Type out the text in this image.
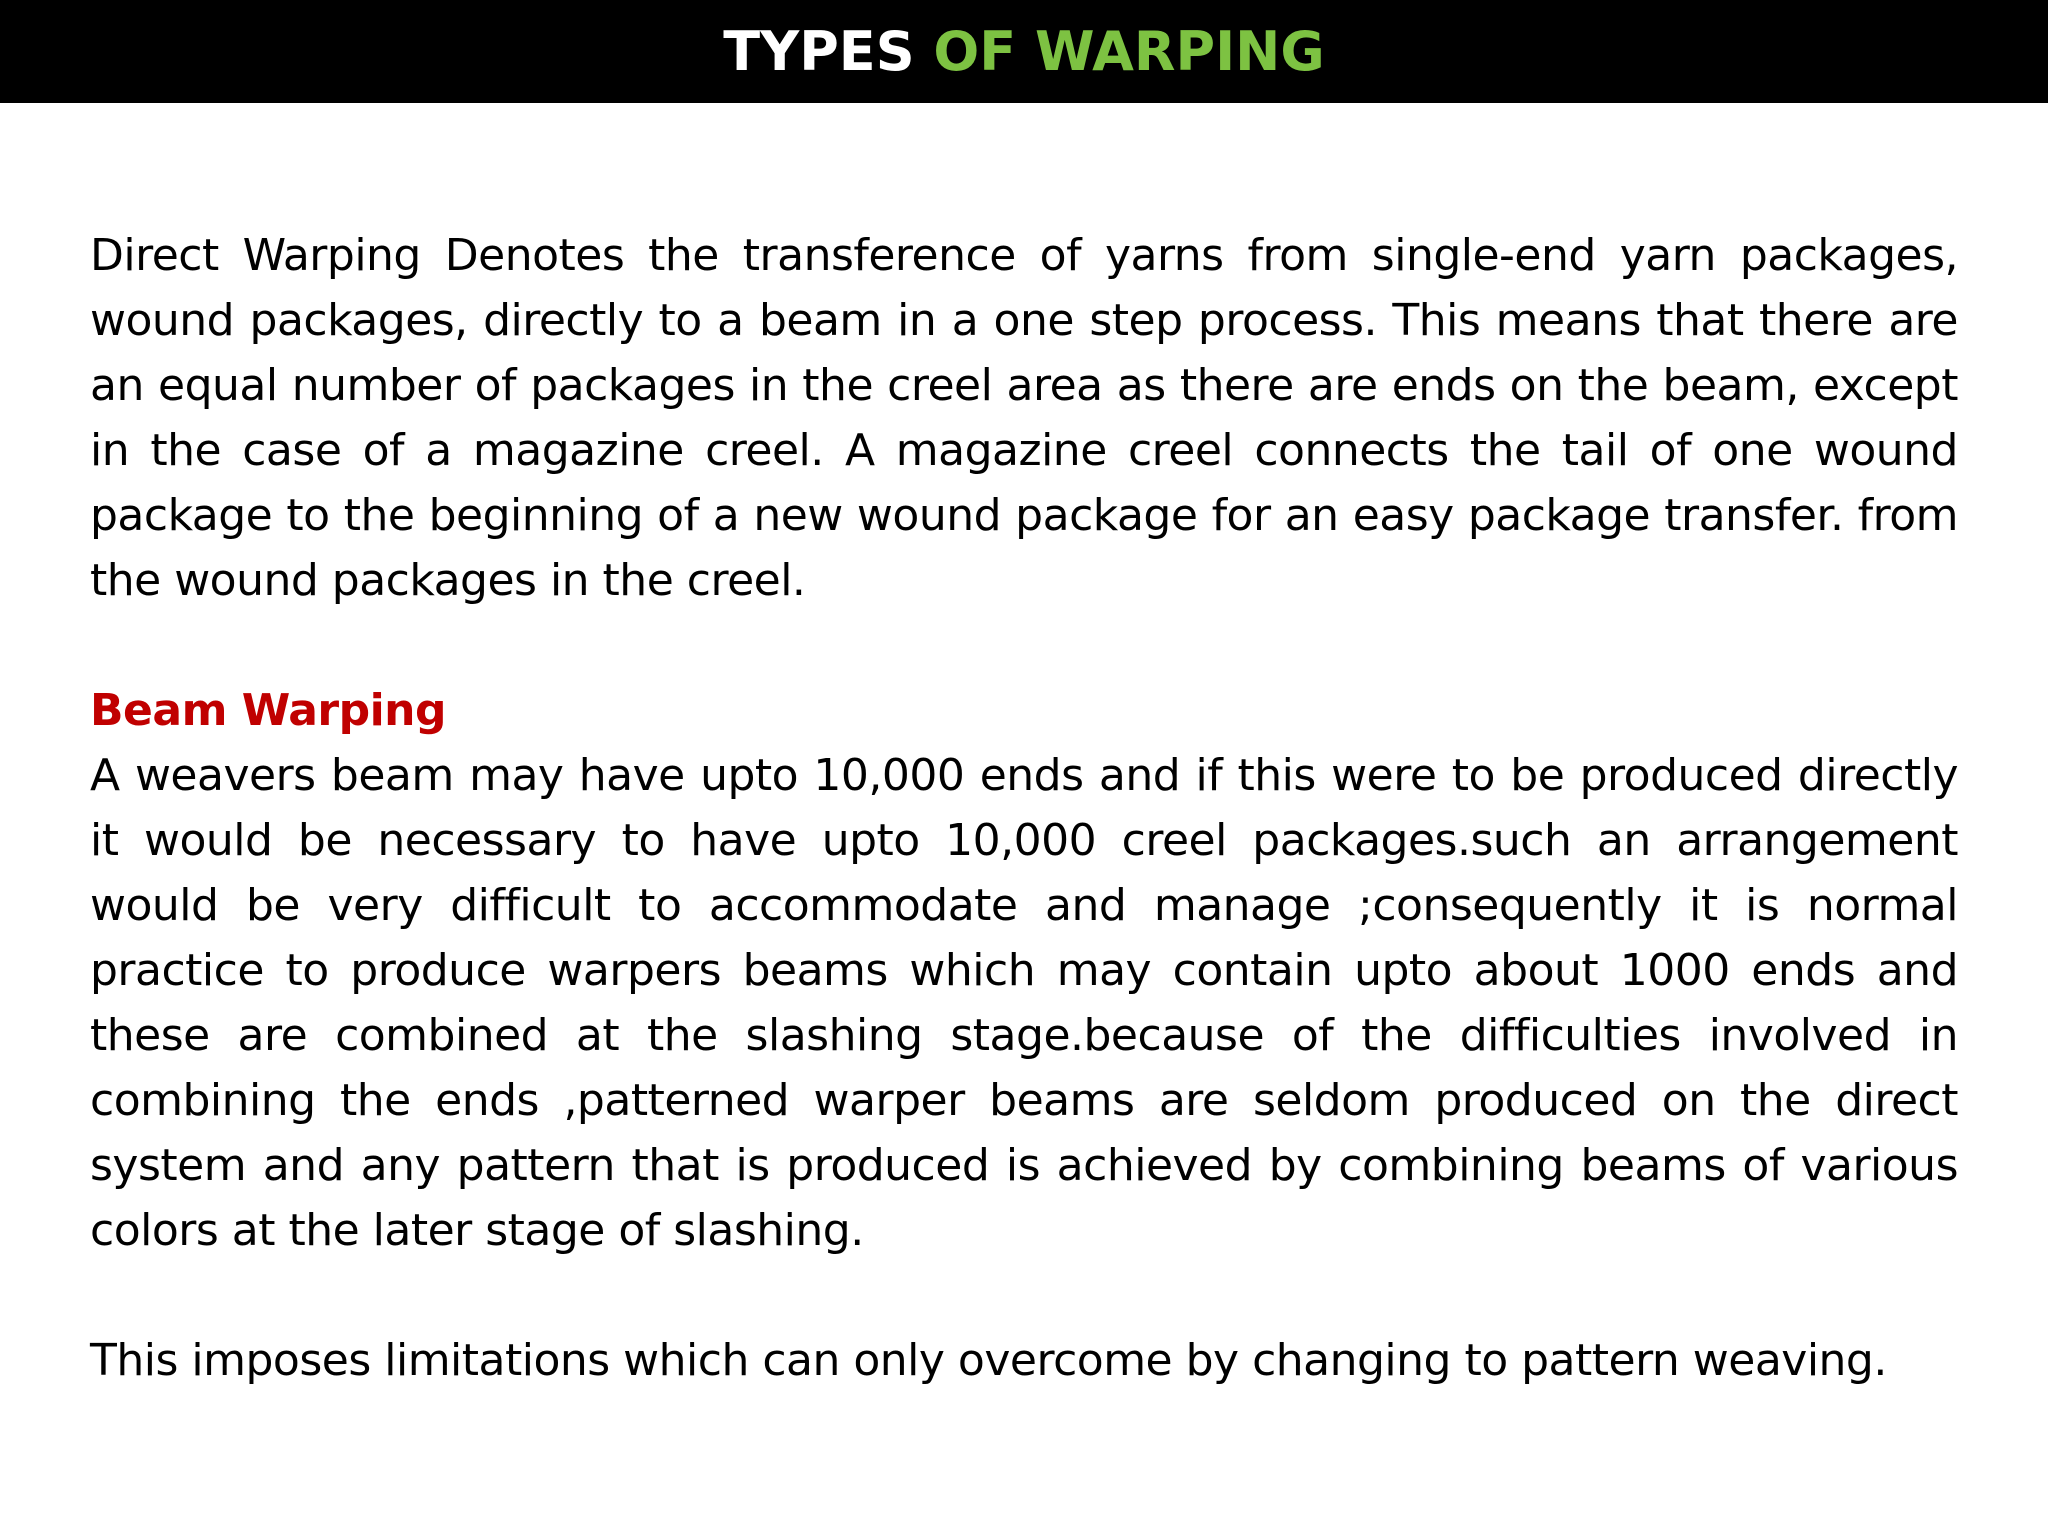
TYPES OF WARPING

Direct Warping Denotes the transference of yarns from single-end yarn packages, wound packages, directly to a beam in a one step process. This means that there are an equal number of packages in the creel area as there are ends on the beam, except in the case of a magazine creel. A magazine creel connects the tail of one wound package to the beginning of a new wound package for an easy package transfer. from the wound packages in the creel.

Beam Warping

A weavers beam may have upto 10,000 ends and if this were to be produced directly it would be necessary to have upto 10,000 creel packages.such an arrangement would be very difficult to accommodate and manage ;consequently it is normal practice to produce warpers beams which may contain upto about 1000 ends and these are combined at the slashing stage.because of the difficulties involved in combining the ends ,patterned warper beams are seldom produced on the direct system and any pattern that is produced is achieved by combining beams of various colors at the later stage of slashing.

This imposes limitations which can only overcome by changing to pattern weaving.
